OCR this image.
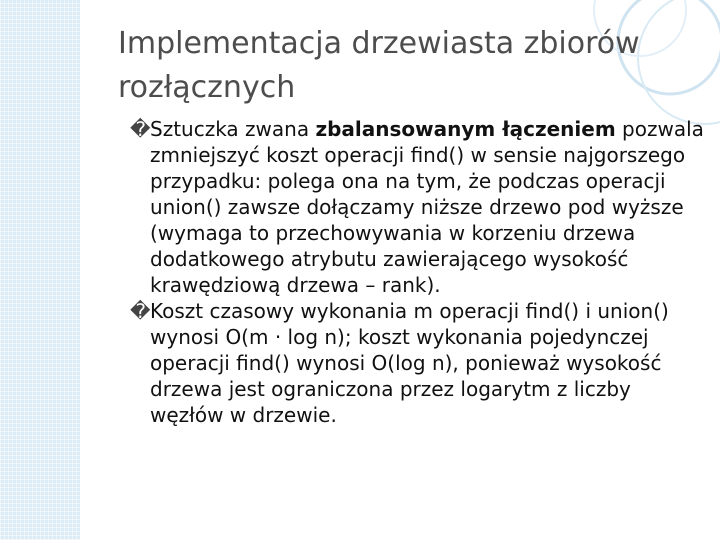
Implementacja drzewiasta zbiorów rozłącznych

� Sztuczka zwana zbalansowanym łączeniem pozwala zmniejszyć koszt operacji find() w sensie najgorszego przypadku: polega ona na tym, że podczas operacji union() zawsze dołączamy niższe drzewo pod wyższe (wymaga to przechowywania w korzeniu drzewa dodatkowego atrybutu zawierającego wysokość krawędziową drzewa – rank).

� Koszt czasowy wykonania m operacji find() i union() wynosi O(m · log n); koszt wykonania pojedynczej operacji find() wynosi O(log n), ponieważ wysokość drzewa jest ograniczona przez logarytm z liczby węzłów w drzewie.
